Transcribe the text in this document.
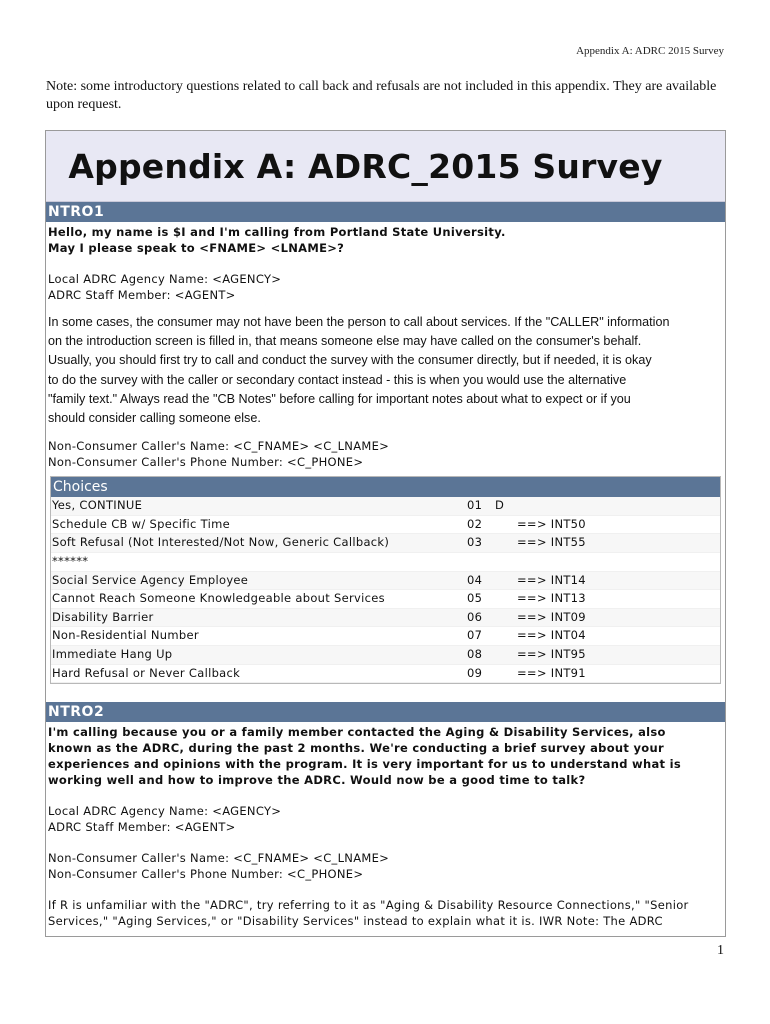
Appendix A: ADRC 2015 Survey
Note: some introductory questions related to call back and refusals are not included in this appendix. They are available upon request.
Appendix A: ADRC_2015 Survey
NTRO1
Hello, my name is $I and I'm calling from Portland State University.
May I please speak to <FNAME> <LNAME>?
Local ADRC Agency Name: <AGENCY>
ADRC Staff Member: <AGENT>
In some cases, the consumer may not have been the person to call about services. If the "CALLER" information
on the introduction screen is filled in, that means someone else may have called on the consumer's behalf.
Usually, you should first try to call and conduct the survey with the consumer directly, but if needed, it is okay
to do the survey with the caller or secondary contact instead - this is when you would use the alternative
"family text." Always read the "CB Notes" before calling for important notes about what to expect or if you
should consider calling someone else.
Non-Consumer Caller's Name: <C_FNAME> <C_LNAME>
Non-Consumer Caller's Phone Number: <C_PHONE>
Choices
Yes, CONTINUE	01	D
Schedule CB w/ Specific Time	02	==> INT50
Soft Refusal (Not Interested/Not Now, Generic Callback)	03	==> INT55
******
Social Service Agency Employee	04	==> INT14
Cannot Reach Someone Knowledgeable about Services	05	==> INT13
Disability Barrier	06	==> INT09
Non-Residential Number	07	==> INT04
Immediate Hang Up	08	==> INT95
Hard Refusal or Never Callback	09	==> INT91
NTRO2
I'm calling because you or a family member contacted the Aging & Disability Services, also
known as the ADRC, during the past 2 months. We're conducting a brief survey about your
experiences and opinions with the program. It is very important for us to understand what is
working well and how to improve the ADRC. Would now be a good time to talk?
Local ADRC Agency Name: <AGENCY>
ADRC Staff Member: <AGENT>
Non-Consumer Caller's Name: <C_FNAME> <C_LNAME>
Non-Consumer Caller's Phone Number: <C_PHONE>
If R is unfamiliar with the "ADRC", try referring to it as "Aging & Disability Resource Connections," "Senior
Services," "Aging Services," or "Disability Services" instead to explain what it is. IWR Note: The ADRC
1
